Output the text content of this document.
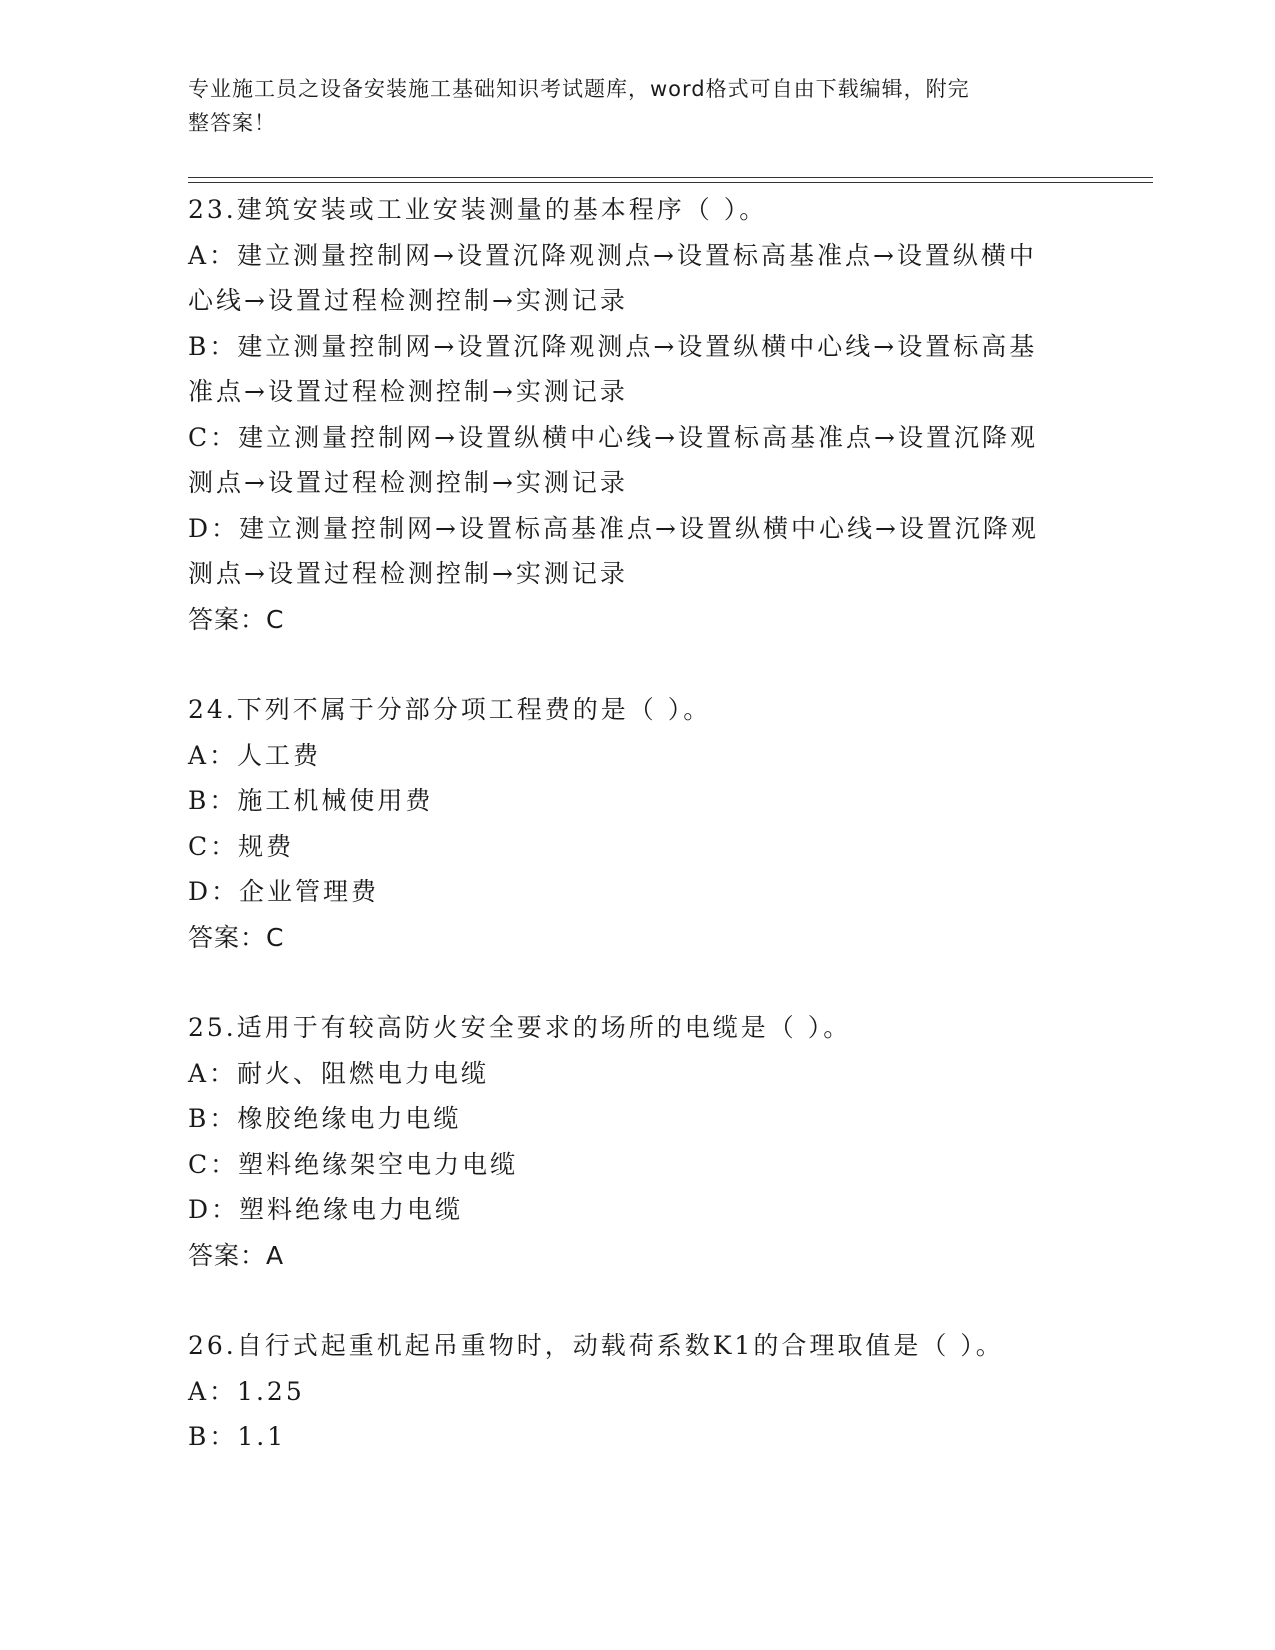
专业施工员之设备安装施工基础知识考试题库，word格式可自由下载编辑，附完
整答案！

23.建筑安装或工业安装测量的基本程序（ ）。

A：建立测量控制网→设置沉降观测点→设置标高基准点→设置纵横中

心线→设置过程检测控制→实测记录

B：建立测量控制网→设置沉降观测点→设置纵横中心线→设置标高基

准点→设置过程检测控制→实测记录

C：建立测量控制网→设置纵横中心线→设置标高基准点→设置沉降观

测点→设置过程检测控制→实测记录

D：建立测量控制网→设置标高基准点→设置纵横中心线→设置沉降观

测点→设置过程检测控制→实测记录

答案：C

24.下列不属于分部分项工程费的是（ ）。

A：人工费

B：施工机械使用费

C：规费

D：企业管理费

答案：C

25.适用于有较高防火安全要求的场所的电缆是（ ）。

A：耐火、阻燃电力电缆

B：橡胶绝缘电力电缆

C：塑料绝缘架空电力电缆

D：塑料绝缘电力电缆

答案：A

26.自行式起重机起吊重物时，动载荷系数K1的合理取值是（ ）。

A：1.25

B：1.1
